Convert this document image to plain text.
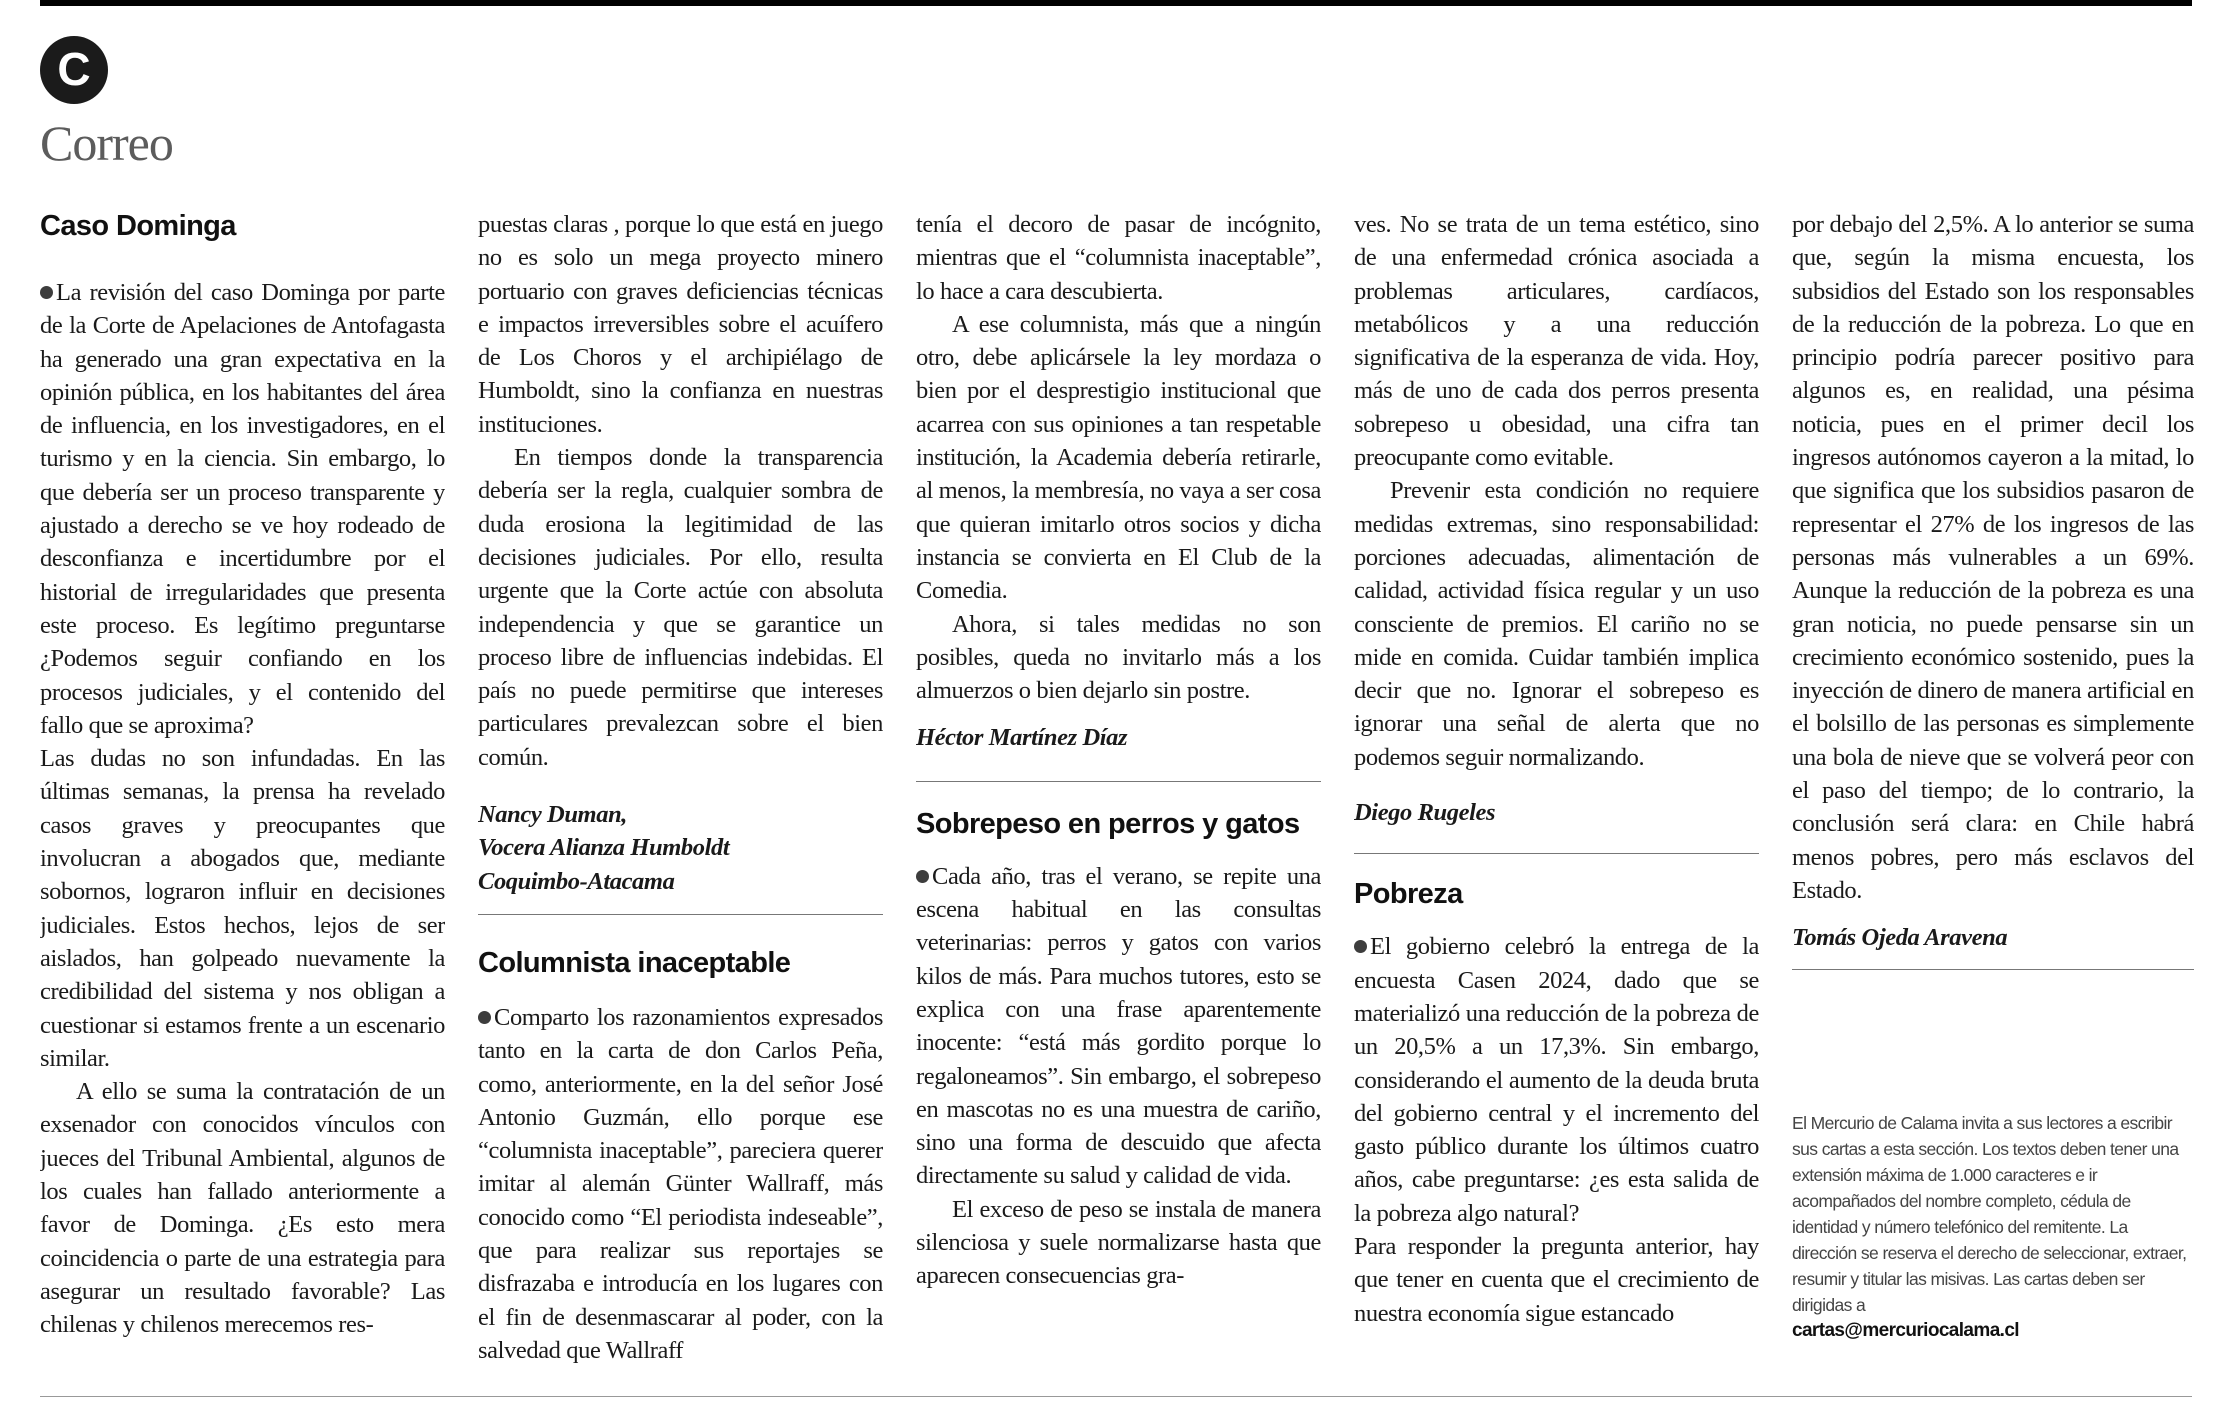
C
Correo
Caso Dominga

La revisión del caso Dominga por parte de la Corte de Apelaciones de Antofagasta ha generado una gran expectativa en la opinión pública, en los habitantes del área de influencia, en los investigadores, en el turismo y en la ciencia. Sin embargo, lo que debería ser un proceso transparente y ajustado a derecho se ve hoy rodeado de desconfianza e incertidumbre por el historial de irregularidades que presenta este proceso. Es legítimo preguntarse ¿Podemos seguir confiando en los procesos judiciales, y el contenido del fallo que se aproxima?

Las dudas no son infundadas. En las últimas semanas, la prensa ha revelado casos graves y preocupantes que involucran a abogados que, mediante sobornos, lograron influir en decisiones judiciales. Estos hechos, lejos de ser aislados, han golpeado nuevamente la credibilidad del sistema y nos obligan a cuestionar si estamos frente a un escenario similar.

A ello se suma la contratación de un exsenador con conocidos vínculos con jueces del Tribunal Ambiental, algunos de los cuales han fallado anteriormente a favor de Dominga. ¿Es esto mera coincidencia o parte de una estrategia para asegurar un resultado favorable? Las chilenas y chilenos merecemos res-

puestas claras , porque lo que está en juego no es solo un mega proyecto minero portuario con graves deficiencias técnicas e impactos irreversibles sobre el acuífero de Los Choros y el archipiélago de Humboldt, sino la confianza en nuestras instituciones.

En tiempos donde la transparencia debería ser la regla, cualquier sombra de duda erosiona la legitimidad de las decisiones judiciales. Por ello, resulta urgente que la Corte actúe con absoluta independencia y que se garantice un proceso libre de influencias indebidas. El país no puede permitirse que intereses particulares prevalezcan sobre el bien común.

Nancy Duman,

Vocera Alianza Humboldt

Coquimbo-Atacama

Columnista inaceptable

Comparto los razonamientos expresados tanto en la carta de don Carlos Peña, como, anteriormente, en la del señor José Antonio Guzmán, ello porque ese “columnista inaceptable”, pareciera querer imitar al alemán Günter Wallraff, más conocido como “El periodista indeseable”, que para realizar sus reportajes se disfrazaba e introducía en los lugares con el fin de desenmascarar al poder, con la salvedad que Wallraff

tenía el decoro de pasar de incógnito, mientras que el “columnista inaceptable”, lo hace a cara descubierta.

A ese columnista, más que a ningún otro, debe aplicársele la ley mordaza o bien por el desprestigio institucional que acarrea con sus opiniones a tan respetable institución, la Academia debería retirarle, al menos, la membresía, no vaya a ser cosa que quieran imitarlo otros socios y dicha instancia se convierta en El Club de la Comedia.

Ahora, si tales medidas no son posibles, queda no invitarlo más a los almuerzos o bien dejarlo sin postre.

Héctor Martínez Díaz

Sobrepeso en perros y gatos

Cada año, tras el verano, se repite una escena habitual en las consultas veterinarias: perros y gatos con varios kilos de más. Para muchos tutores, esto se explica con una frase aparentemente inocente: “está más gordito porque lo regaloneamos”. Sin embargo, el sobrepeso en mascotas no es una muestra de cariño, sino una forma de descuido que afecta directamente su salud y calidad de vida.

El exceso de peso se instala de manera silenciosa y suele normalizarse hasta que aparecen consecuencias gra-

ves. No se trata de un tema estético, sino de una enfermedad crónica asociada a problemas articulares, cardíacos, metabólicos y a una reducción significativa de la esperanza de vida. Hoy, más de uno de cada dos perros presenta sobrepeso u obesidad, una cifra tan preocupante como evitable.

Prevenir esta condición no requiere medidas extremas, sino responsabilidad: porciones adecuadas, alimentación de calidad, actividad física regular y un uso consciente de premios. El cariño no se mide en comida. Cuidar también implica decir que no. Ignorar el sobrepeso es ignorar una señal de alerta que no podemos seguir normalizando.

Diego Rugeles

Pobreza

El gobierno celebró la entrega de la encuesta Casen 2024, dado que se materializó una reducción de la pobreza de un 20,5% a un 17,3%. Sin embargo, considerando el aumento de la deuda bruta del gobierno central y el incremento del gasto público durante los últimos cuatro años, cabe preguntarse: ¿es esta salida de la pobreza algo natural?

Para responder la pregunta anterior, hay que tener en cuenta que el crecimiento de nuestra economía sigue estancado

por debajo del 2,5%. A lo anterior se suma que, según la misma encuesta, los subsidios del Estado son los responsables de la reducción de la pobreza. Lo que en principio podría parecer positivo para algunos es, en realidad, una pésima noticia, pues en el primer decil los ingresos autónomos cayeron a la mitad, lo que significa que los subsidios pasaron de representar el 27% de los ingresos de las personas más vulnerables a un 69%. Aunque la reducción de la pobreza es una gran noticia, no puede pensarse sin un crecimiento económico sostenido, pues la inyección de dinero de manera artificial en el bolsillo de las personas es simplemente una bola de nieve que se volverá peor con el paso del tiempo; de lo contrario, la conclusión será clara: en Chile habrá menos pobres, pero más esclavos del Estado.

Tomás Ojeda Aravena

El Mercurio de Calama invita a sus lectores a escribir sus cartas a esta sección. Los textos deben tener una extensión máxima de 1.000 caracteres e ir acompañados del nombre completo, cédula de identidad y número telefónico del remitente. La dirección se reserva el derecho de seleccionar, extraer, resumir y titular las misivas. Las cartas deben ser dirigidas a
cartas@mercuriocalama.cl
